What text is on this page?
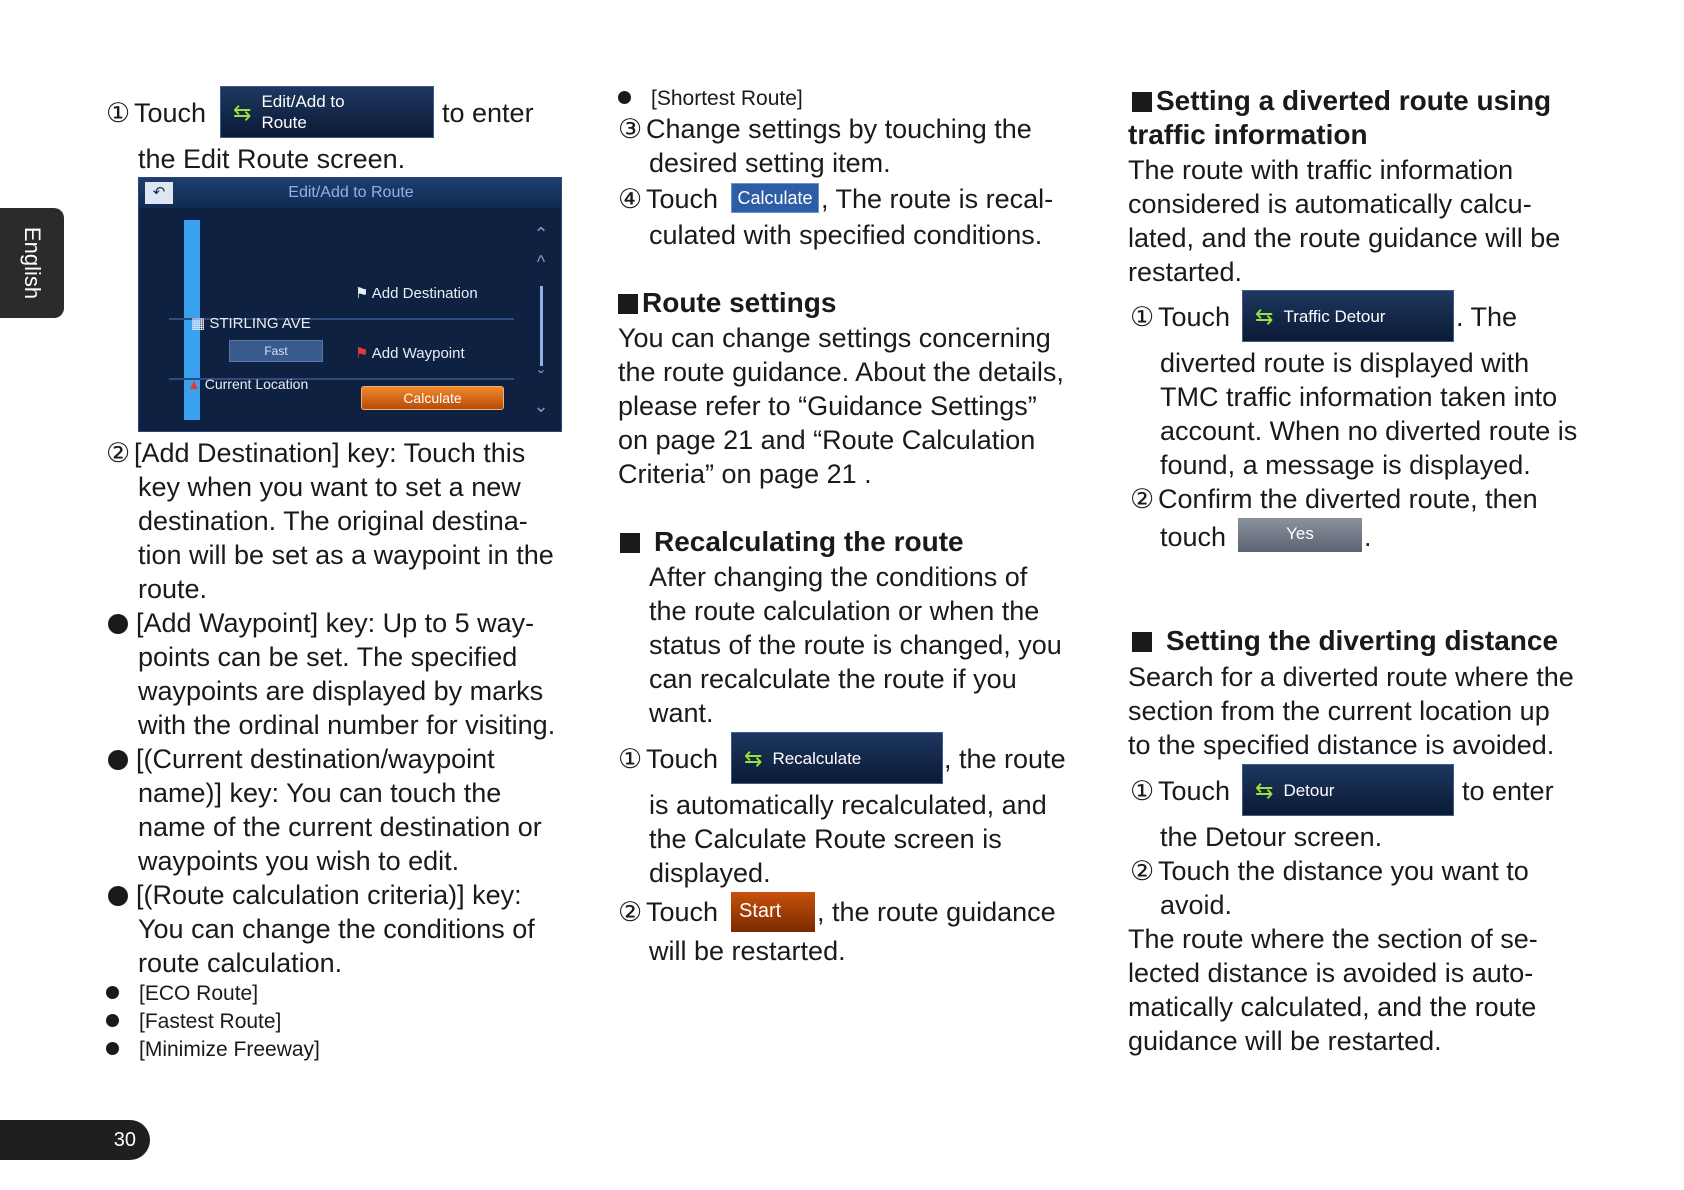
English
30
① Touch ⇆ Edit/Add to
Route	to enter
the Edit Route screen.
Edit/Add to Route
↶
⚑ Add Destination
▦ STIRLING AVE
Fast	⚑ Add Waypoint
▲ Current Location
Calculate
⌃
^
ˇ
⌄
② [Add Destination] key: Touch this
key when you want to set a new
destination. The original destina-
tion will be set as a waypoint in the
route.
[Add Waypoint] key: Up to 5 way-
points can be set. The specified
waypoints are displayed by marks
with the ordinal number for visiting.
[(Current destination/waypoint
name)] key: You can touch the
name of the current destination or
waypoints you wish to edit.
[(Route calculation criteria)] key:
You can change the conditions of
route calculation.
[ECO Route]
[Fastest Route]
[Minimize Freeway]
[Shortest Route]
③ Change settings by touching the
desired setting item.
④ Touch	Calculate , The route is recal-
culated with specified conditions.
Route settings
You can change settings concerning
the route guidance. About the details,
please refer to “Guidance Settings”
on page 21 and “Route Calculation
Criteria” on page 21 .
Recalculating the route
After changing the conditions of
the route calculation or when the
status of the route is changed, you
can recalculate the route if you
want.
① Touch ⇆ Recalculate	, the route
is automatically recalculated, and
the Calculate Route screen is
displayed.
② Touch	Start	, the route guidance
will be restarted.
Setting a diverted route using
traffic information
The route with traffic information
considered is automatically calcu-
lated, and the route guidance will be
restarted.
① Touch ⇆ Traffic Detour	. The
diverted route is displayed with
TMC traffic information taken into
account. When no diverted route is
found, a message is displayed.
② Confirm the diverted route, then
touch	Yes	.
Setting the diverting distance
Search for a diverted route where the
section from the current location up
to the specified distance is avoided.
① Touch ⇆ Detour	to enter
the Detour screen.
② Touch the distance you want to
avoid.
The route where the section of se-
lected distance is avoided is auto-
matically calculated, and the route
guidance will be restarted.
